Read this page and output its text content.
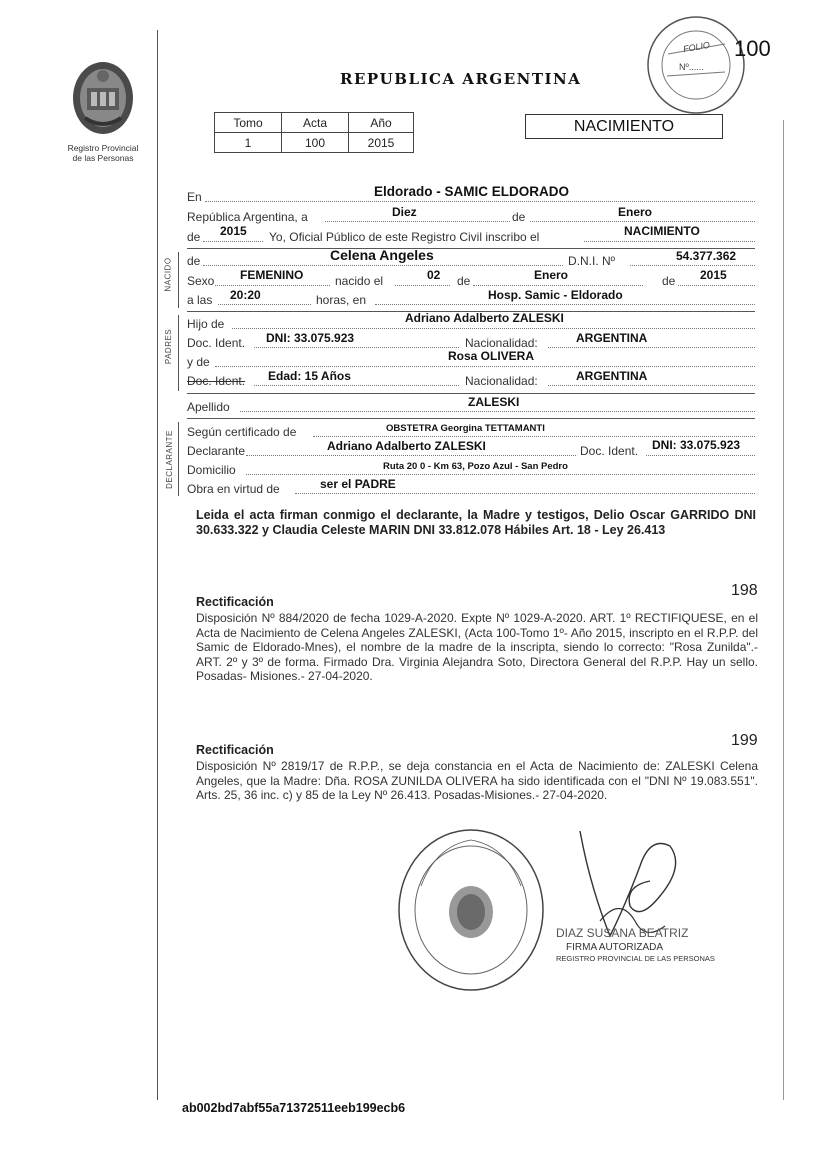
Registro Provincial
de las Personas
FOLIO
Nº......
100
REPUBLICA ARGENTINA
Tomo	Acta	Año
1	100	2015
NACIMIENTO
En	Eldorado - SAMIC ELDORADO
República Argentina, a	Diez	de	Enero
de 2015 Yo, Oficial Público de este Registro Civil inscribo el	NACIMIENTO
NACIDO de	Celena Angeles	D.N.I. Nº	54.377.362
Sexo FEMENINO	nacido el	02 de	Enero	de 2015
a las 20:20	horas, en	Hosp. Samic - Eldorado
PADRES
Hijo de	Adriano Adalberto ZALESKI
Doc. Ident. DNI: 33.075.923	Nacionalidad:	ARGENTINA
y de	Rosa OLIVERA
Doc. Ident. Edad: 15 Años	Nacionalidad:	ARGENTINA
Apellido	ZALESKI
DECLARANTE Según certificado de	OBSTETRA Georgina TETTAMANTI
Declarante	Adriano Adalberto ZALESKI	Doc. Ident. DNI: 33.075.923
Domicilio	Ruta 20 0 - Km 63, Pozo Azul - San Pedro
Obra en virtud de	ser el PADRE
Leida el acta firman conmigo el declarante, la Madre y testigos, Delio Oscar GARRIDO DNI 30.633.322 y Claudia Celeste MARIN DNI 33.812.078 Hábiles Art. 18 - Ley 26.413
198
Rectificación
Disposición Nº 884/2020 de fecha 1029-A-2020. Expte Nº 1029-A-2020. ART. 1º RECTIFIQUESE, en el Acta de Nacimiento de Celena Angeles ZALESKI, (Acta 100-Tomo 1º- Año 2015, inscripto en el R.P.P. del Samic de Eldorado-Mnes), el nombre de la madre de la inscripta, siendo lo correcto: "Rosa Zunilda".- ART. 2º y 3º de forma. Firmado Dra. Virginia Alejandra Soto, Directora General del R.P.P. Hay un sello. Posadas- Misiones.- 27-04-2020.
199
Rectificación
Disposición Nº 2819/17 de R.P.P., se deja constancia en el Acta de Nacimiento de: ZALESKI Celena Angeles, que la Madre: Dña. ROSA ZUNILDA OLIVERA ha sido identificada con el "DNI Nº 19.083.551". Arts. 25, 36 inc. c) y 85 de la Ley Nº 26.413. Posadas-Misiones.- 27-04-2020.
DIAZ SUSANA BEATRIZ
FIRMA AUTORIZADA
REGISTRO PROVINCIAL DE LAS PERSONAS
ab002bd7abf55a71372511eeb199ecb6
